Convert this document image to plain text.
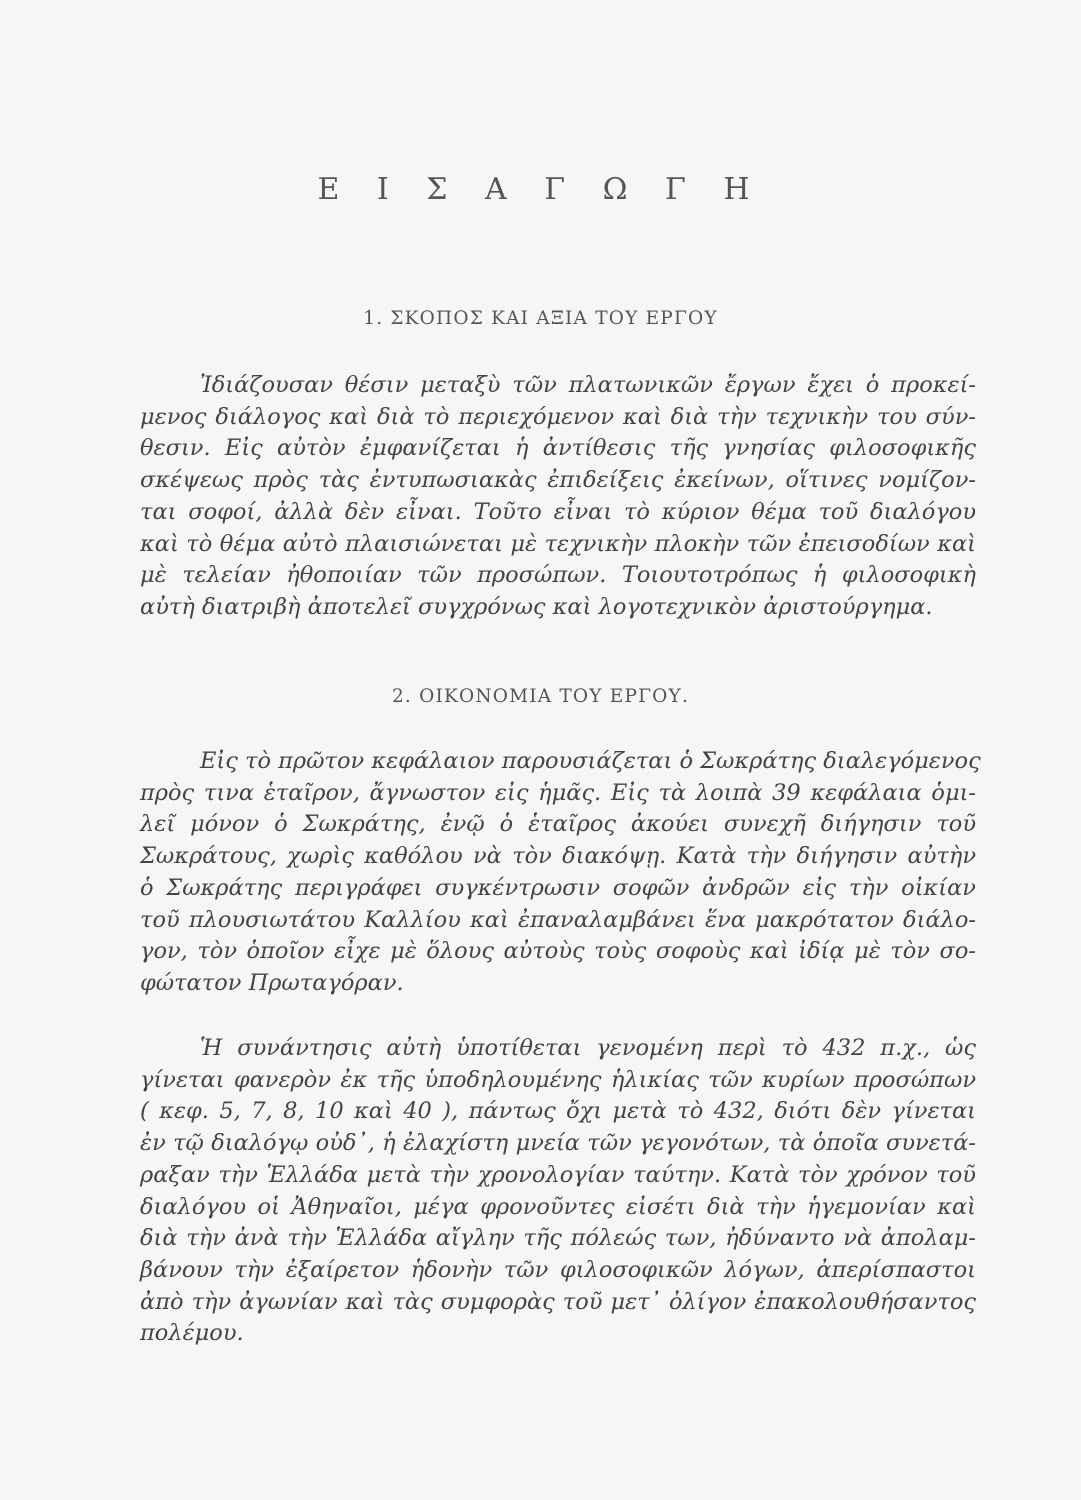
Ε Ι Σ Α Γ Ω Γ Η
1. ΣΚΟΠΟΣ ΚΑΙ ΑΞΙΑ ΤΟΥ ΕΡΓΟΥ

Ἰδιάζουσαν θέσιν μεταξὺ τῶν πλατωνικῶν ἔργων ἔχει ὁ προκεί-
μενος διάλογος καὶ διὰ τὸ περιεχόμενον καὶ διὰ τὴν τεχνικὴν του σύν-
θεσιν. Εἰς αὐτὸν ἐμφανίζεται ἡ ἀντίθεσις τῆς γνησίας φιλοσοφικῆς
σκέψεως πρὸς τὰς ἐντυπωσιακὰς ἐπιδείξεις ἐκείνων, οἵτινες νομίζον-
ται σοφοί, ἀλλὰ δὲν εἶναι. Τοῦτο εἶναι τὸ κύριον θέμα τοῦ διαλόγου
καὶ τὸ θέμα αὐτὸ πλαισιώνεται μὲ τεχνικὴν πλοκὴν τῶν ἐπεισοδίων καὶ
μὲ τελείαν ἠθοποιίαν τῶν προσώπων. Τοιουτοτρόπως ἡ φιλοσοφικὴ
αὐτὴ διατριβὴ ἀποτελεῖ συγχρόνως καὶ λογοτεχνικὸν ἀριστούργημα.

2. ΟΙΚΟΝΟΜΙΑ ΤΟΥ ΕΡΓΟΥ.

Εἰς τὸ πρῶτον κεφάλαιον παρουσιάζεται ὁ Σωκράτης διαλεγόμενος
πρὸς τινα ἑταῖρον, ἄγνωστον εἰς ἡμᾶς. Εἰς τὰ λοιπὰ 39 κεφάλαια ὁμι-
λεῖ μόνον ὁ Σωκράτης, ἐνῷ ὁ ἑταῖρος ἀκούει συνεχῆ διήγησιν τοῦ
Σωκράτους, χωρὶς καθόλου νὰ τὸν διακόψῃ. Κατὰ τὴν διήγησιν αὐτὴν
ὁ Σωκράτης περιγράφει συγκέντρωσιν σοφῶν ἀνδρῶν εἰς τὴν οἰκίαν
τοῦ πλουσιωτάτου Καλλίου καὶ ἐπαναλαμβάνει ἕνα μακρότατον διάλο-
γον, τὸν ὁποῖον εἶχε μὲ ὅλους αὐτοὺς τοὺς σοφοὺς καὶ ἰδίᾳ μὲ τὸν σο-
φώτατον Πρωταγόραν.

Ἡ συνάντησις αὐτὴ ὑποτίθεται γενομένη περὶ τὸ 432 π.χ., ὡς
γίνεται φανερὸν ἐκ τῆς ὑποδηλουμένης ἡλικίας τῶν κυρίων προσώπων
( κεφ. 5, 7, 8, 10 καὶ 40 ), πάντως ὄχι μετὰ τὸ 432, διότι δὲν γίνεται
ἐν τῷ διαλόγῳ οὐδ᾽, ἡ ἐλαχίστη μνεία τῶν γεγονότων, τὰ ὁποῖα συνετά-
ραξαν τὴν Ἑλλάδα μετὰ τὴν χρονολογίαν ταύτην. Κατὰ τὸν χρόνον τοῦ
διαλόγου οἱ Ἀθηναῖοι, μέγα φρονοῦντες εἰσέτι διὰ τὴν ἡγεμονίαν καὶ
διὰ τὴν ἀνὰ τὴν Ἑλλάδα αἴγλην τῆς πόλεώς των, ἠδύναντο νὰ ἀπολαμ-
βάνουν τὴν ἐξαίρετον ἡδονὴν τῶν φιλοσοφικῶν λόγων, ἀπερίσπαστοι
ἀπὸ τὴν ἀγωνίαν καὶ τὰς συμφορὰς τοῦ μετ᾽ ὀλίγον ἐπακολουθήσαντος
πολέμου.
